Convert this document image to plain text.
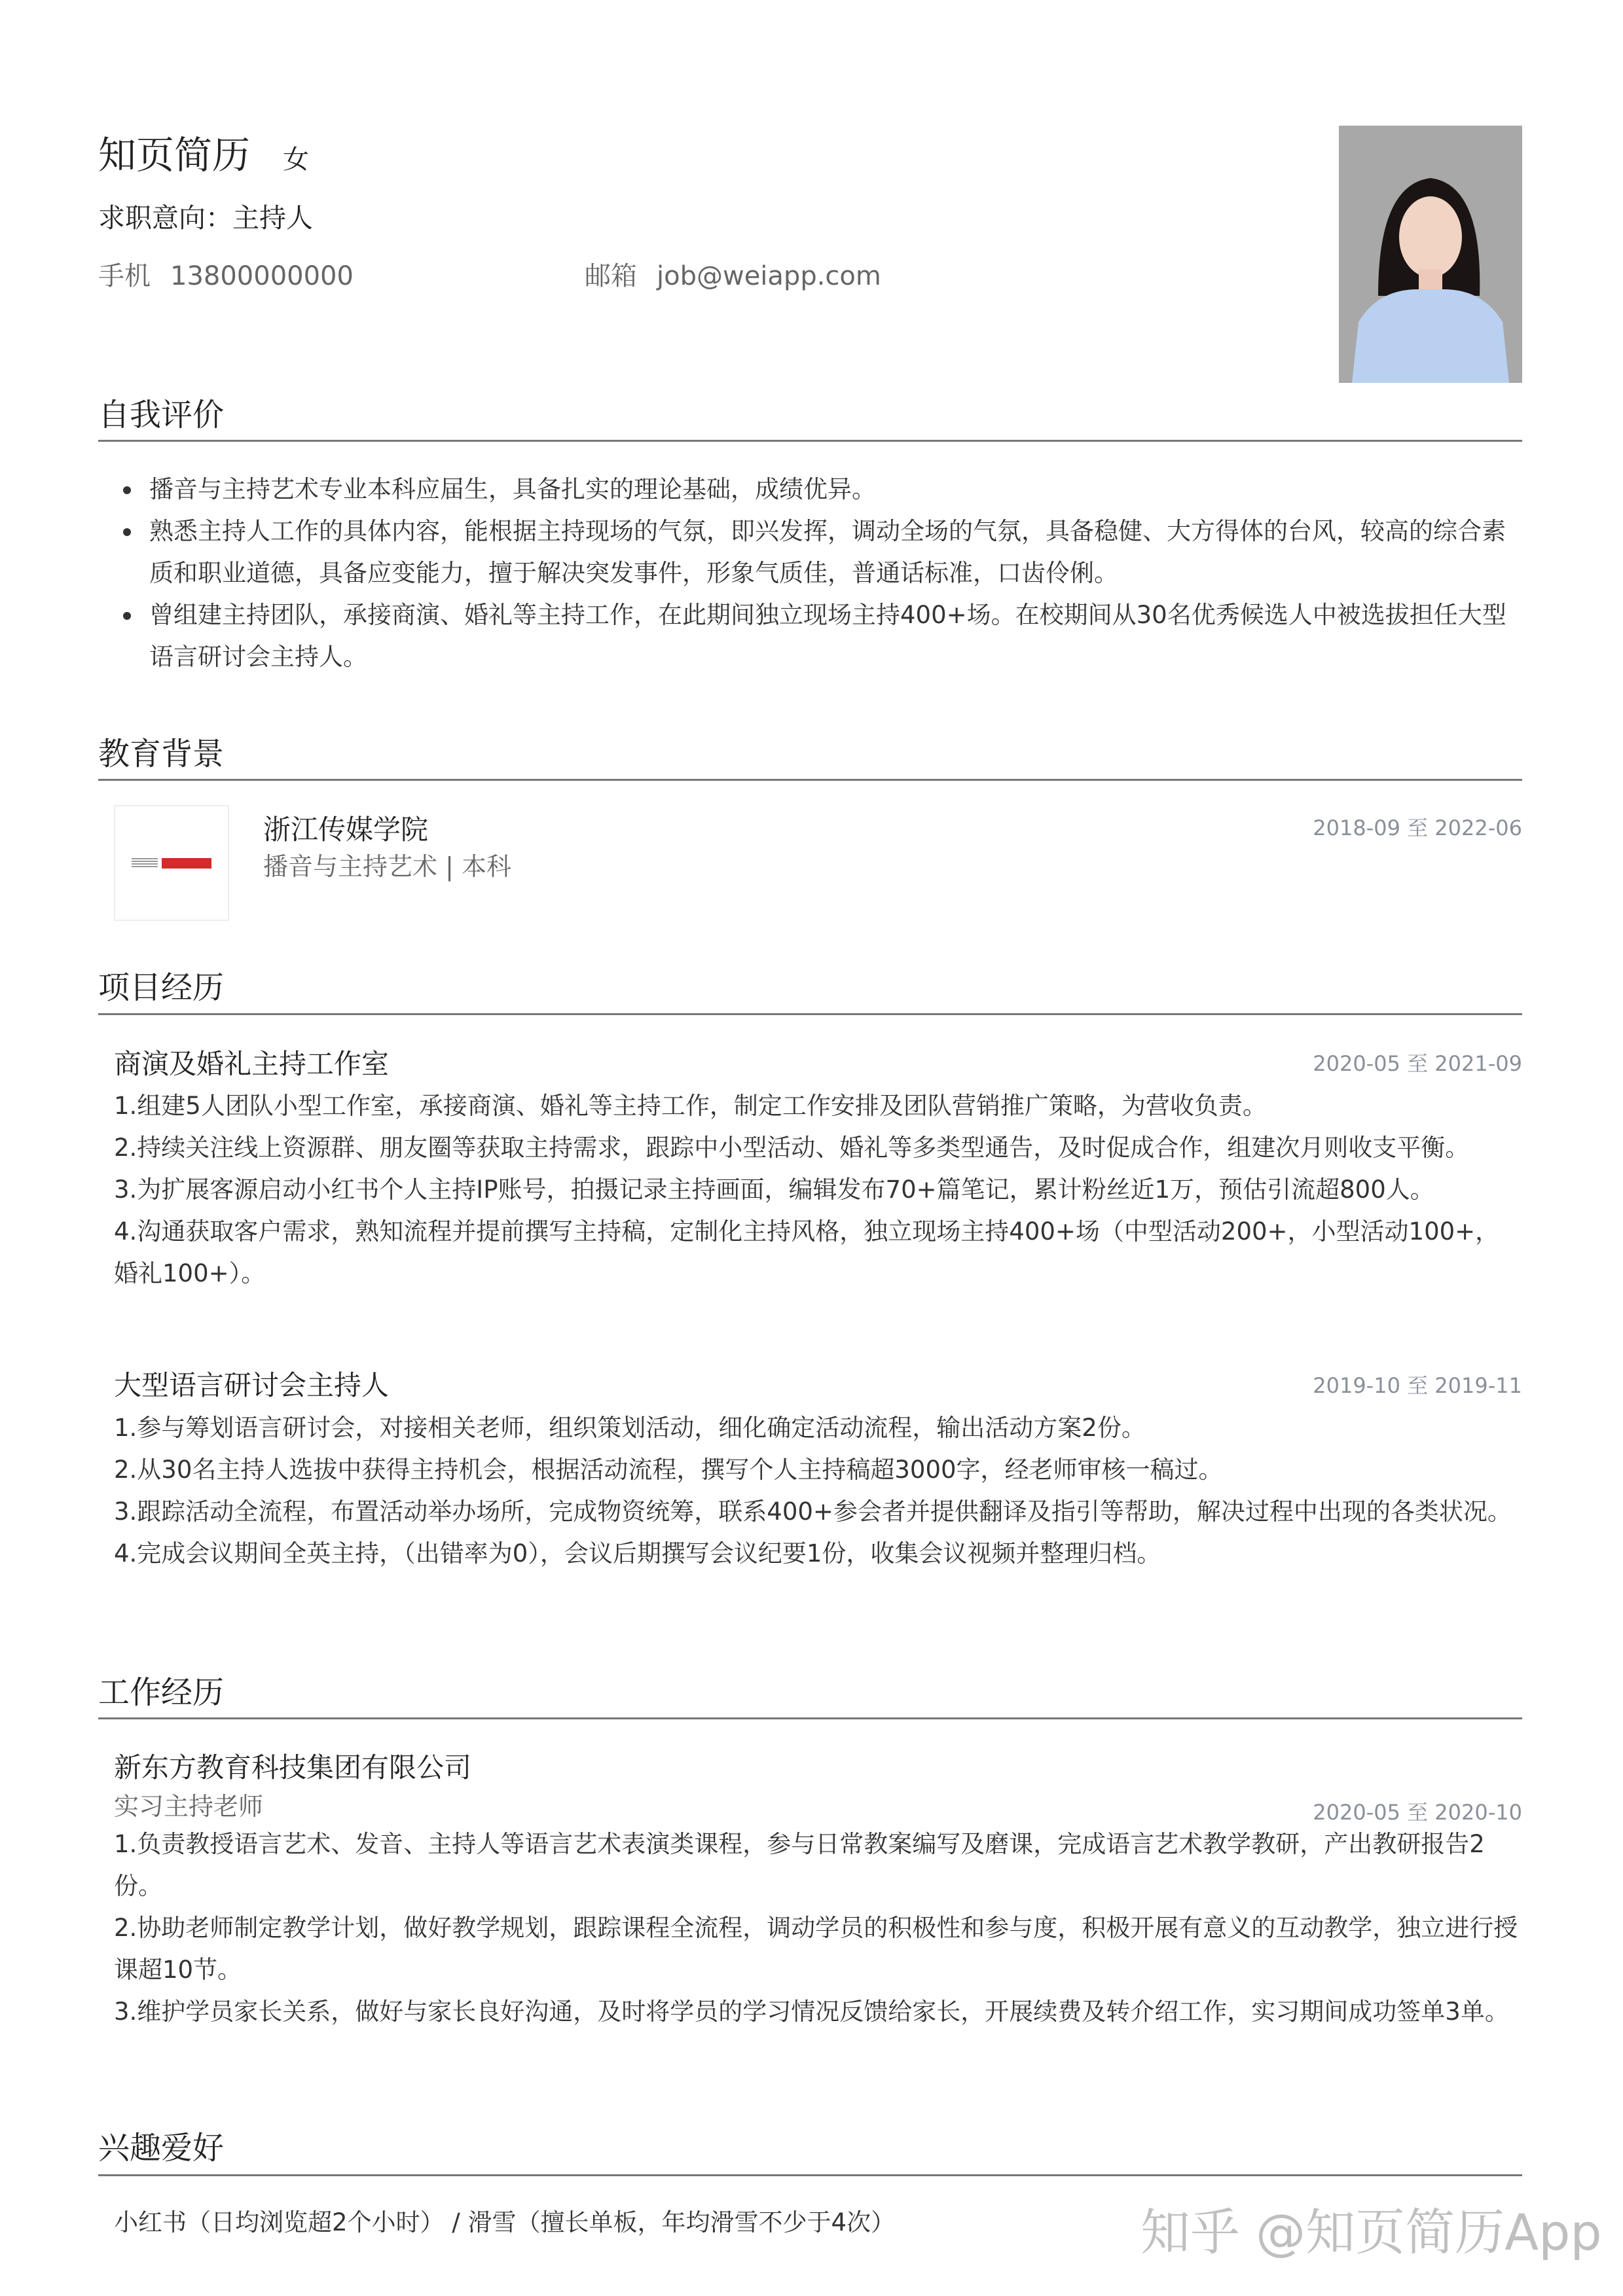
知页简历 女
求职意向：主持人
手机 13800000000	邮箱 job@weiapp.com
自我评价
播音与主持艺术专业本科应届生，具备扎实的理论基础，成绩优异。
熟悉主持人工作的具体内容，能根据主持现场的气氛，即兴发挥，调动全场的气氛，具备稳健、大方得体的台风，较高的综合素质和职业道德，具备应变能力，擅于解决突发事件，形象气质佳，普通话标准，口齿伶俐。
曾组建主持团队，承接商演、婚礼等主持工作，在此期间独立现场主持400+场。在校期间从30名优秀候选人中被选拔担任大型语言研讨会主持人。
教育背景
浙江传媒学院
播音与主持艺术 | 本科
2018-09 至 2022-06
项目经历
商演及婚礼主持工作室	2020-05 至 2021-09
1.组建5人团队小型工作室，承接商演、婚礼等主持工作，制定工作安排及团队营销推广策略，为营收负责。
2.持续关注线上资源群、朋友圈等获取主持需求，跟踪中小型活动、婚礼等多类型通告，及时促成合作，组建次月则收支平衡。
3.为扩展客源启动小红书个人主持IP账号，拍摄记录主持画面，编辑发布70+篇笔记，累计粉丝近1万，预估引流超800人。
4.沟通获取客户需求，熟知流程并提前撰写主持稿，定制化主持风格，独立现场主持400+场（中型活动200+，小型活动100+，婚礼100+）。
大型语言研讨会主持人	2019-10 至 2019-11
1.参与筹划语言研讨会，对接相关老师，组织策划活动，细化确定活动流程，输出活动方案2份。
2.从30名主持人选拔中获得主持机会，根据活动流程，撰写个人主持稿超3000字，经老师审核一稿过。
3.跟踪活动全流程，布置活动举办场所，完成物资统筹，联系400+参会者并提供翻译及指引等帮助，解决过程中出现的各类状况。
4.完成会议期间全英主持，（出错率为0），会议后期撰写会议纪要1份，收集会议视频并整理归档。
工作经历
新东方教育科技集团有限公司
实习主持老师	2020-05 至 2020-10
1.负责教授语言艺术、发音、主持人等语言艺术表演类课程，参与日常教案编写及磨课，完成语言艺术教学教研，产出教研报告2份。
2.协助老师制定教学计划，做好教学规划，跟踪课程全流程，调动学员的积极性和参与度，积极开展有意义的互动教学，独立进行授课超10节。
3.维护学员家长关系，做好与家长良好沟通，及时将学员的学习情况反馈给家长，开展续费及转介绍工作，实习期间成功签单3单。
兴趣爱好
小红书（日均浏览超2个小时） / 滑雪（擅长单板，年均滑雪不少于4次）	知乎 @知页简历App
